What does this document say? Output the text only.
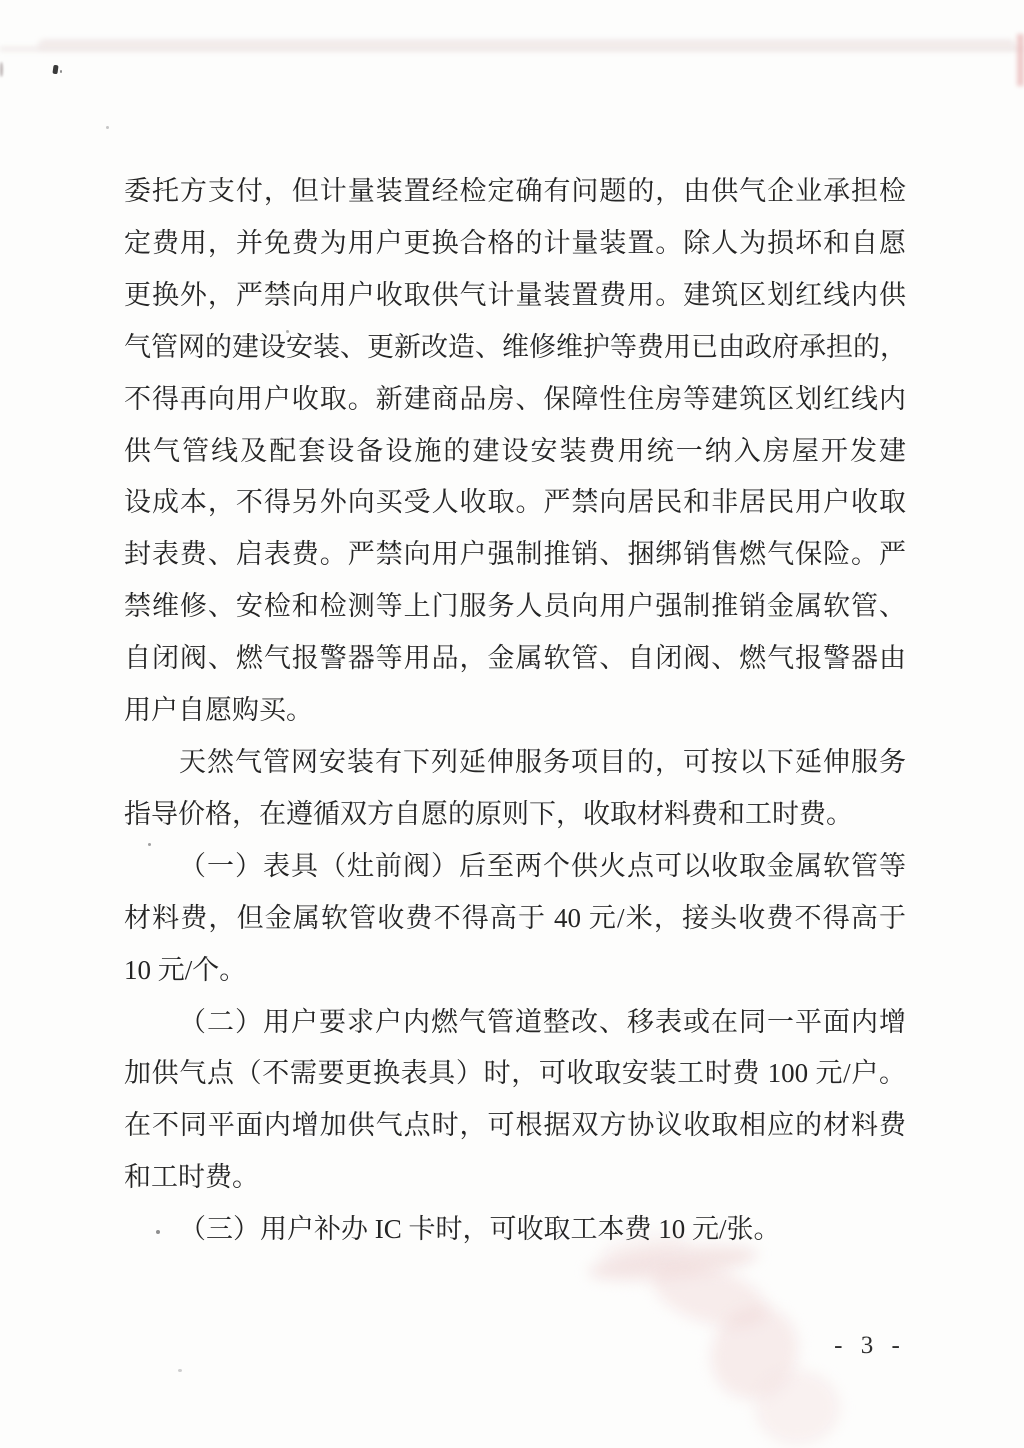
委托方支付，但计量装置经检定确有问题的，由供气企业承担检
定费用，并免费为用户更换合格的计量装置。除人为损坏和自愿
更换外，严禁向用户收取供气计量装置费用。建筑区划红线内供
气管网的建设安装、更新改造、维修维护等费用已由政府承担的，
不得再向用户收取。新建商品房、保障性住房等建筑区划红线内
供气管线及配套设备设施的建设安装费用统一纳入房屋开发建
设成本，不得另外向买受人收取。严禁向居民和非居民用户收取
封表费、启表费。严禁向用户强制推销、捆绑销售燃气保险。严
禁维修、安检和检测等上门服务人员向用户强制推销金属软管、
自闭阀、燃气报警器等用品，金属软管、自闭阀、燃气报警器由
用户自愿购买。
天然气管网安装有下列延伸服务项目的，可按以下延伸服务
指导价格，在遵循双方自愿的原则下，收取材料费和工时费。
（一）表具（灶前阀）后至两个供火点可以收取金属软管等
材料费，但金属软管收费不得高于 40 元/米，接头收费不得高于
10 元/个。
（二）用户要求户内燃气管道整改、移表或在同一平面内增
加供气点（不需要更换表具）时，可收取安装工时费 100 元/户。
在不同平面内增加供气点时，可根据双方协议收取相应的材料费
和工时费。
（三）用户补办 IC 卡时，可收取工本费 10 元/张。
- 3 -
